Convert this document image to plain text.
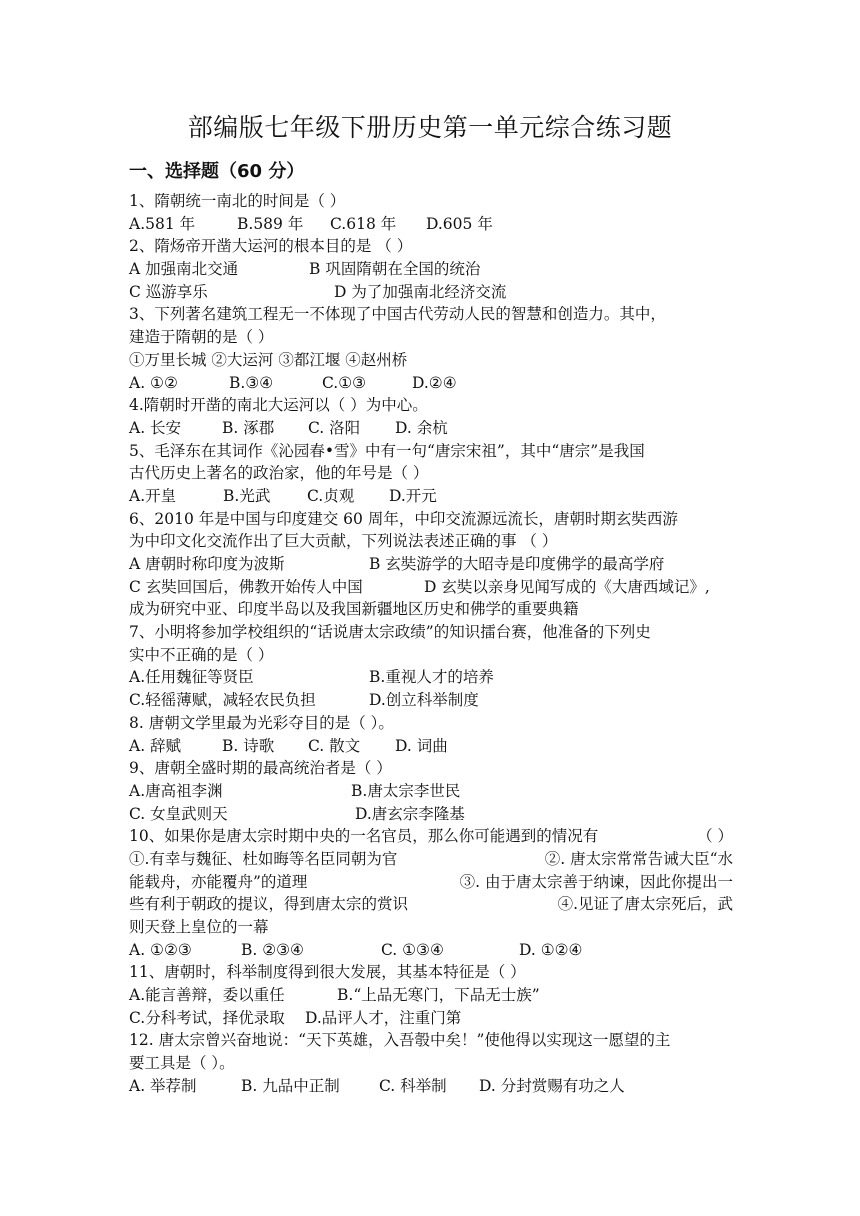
部编版七年级下册历史第一单元综合练习题
一、选择题（60 分）
1、隋朝统一南北的时间是（ ）
A.581 年	B.589 年	C.618 年	D.605 年
2、隋炀帝开凿大运河的根本目的是 （ ）
A 加强南北交通	B 巩固隋朝在全国的统治
C 巡游享乐	D 为了加强南北经济交流
3、下列著名建筑工程无一不体现了中国古代劳动人民的智慧和创造力。其中，
建造于隋朝的是（ ）
①万里长城 ②大运河 ③都江堰 ④赵州桥
A. ①②	B.③④	C.①③	D.②④
4.隋朝时开凿的南北大运河以（ ）为中心。
A. 长安	B. 涿郡	C. 洛阳	D. 余杭
5、毛泽东在其词作《沁园春•雪》中有一句“唐宗宋祖”，其中“唐宗”是我国
古代历史上著名的政治家，他的年号是（ ）
A.开皇	B.光武	C.贞观	D.开元
6、2010 年是中国与印度建交 60 周年，中印交流源远流长，唐朝时期玄奘西游
为中印文化交流作出了巨大贡献，下列说法表述正确的事 （ ）
A 唐朝时称印度为波斯	B 玄奘游学的大昭寺是印度佛学的最高学府
C 玄奘回国后，佛教开始传人中国	D 玄奘以亲身见闻写成的《大唐西域记》,
成为研究中亚、印度半岛以及我国新疆地区历史和佛学的重要典籍
7、小明将参加学校组织的“话说唐太宗政绩”的知识擂台赛，他准备的下列史
实中不正确的是（ ）
A.任用魏征等贤臣	B.重视人才的培养
C.轻徭薄赋，减轻农民负担	D.创立科举制度
8. 唐朝文学里最为光彩夺目的是（ ）。
A. 辞赋	B. 诗歌	C. 散文	D. 词曲
9、唐朝全盛时期的最高统治者是（ ）
A.唐高祖李渊	B.唐太宗李世民
C. 女皇武则天	D.唐玄宗李隆基
10、如果你是唐太宗时期中央的一名官员，那么你可能遇到的情况有	（ ）
①.有幸与魏征、杜如晦等名臣同朝为官	②. 唐太宗常常告诫大臣“水
能载舟，亦能覆舟”的道理	③. 由于唐太宗善于纳谏，因此你提出一
些有利于朝政的提议，得到唐太宗的赏识	④.见证了唐太宗死后，武
则天登上皇位的一幕
A. ①②③	B. ②③④	C. ①③④	D. ①②④
11、唐朝时，科举制度得到很大发展，其基本特征是（ ）
A.能言善辩，委以重任	B.“上品无寒门，下品无士族”
C.分科考试，择优录取	D.品评人才，注重门第
12. 唐太宗曾兴奋地说：“天下英雄，入吾彀中矣！”使他得以实现这一愿望的主
要工具是（ ）。
A. 举荐制	B. 九品中正制	C. 科举制	D. 分封赏赐有功之人
